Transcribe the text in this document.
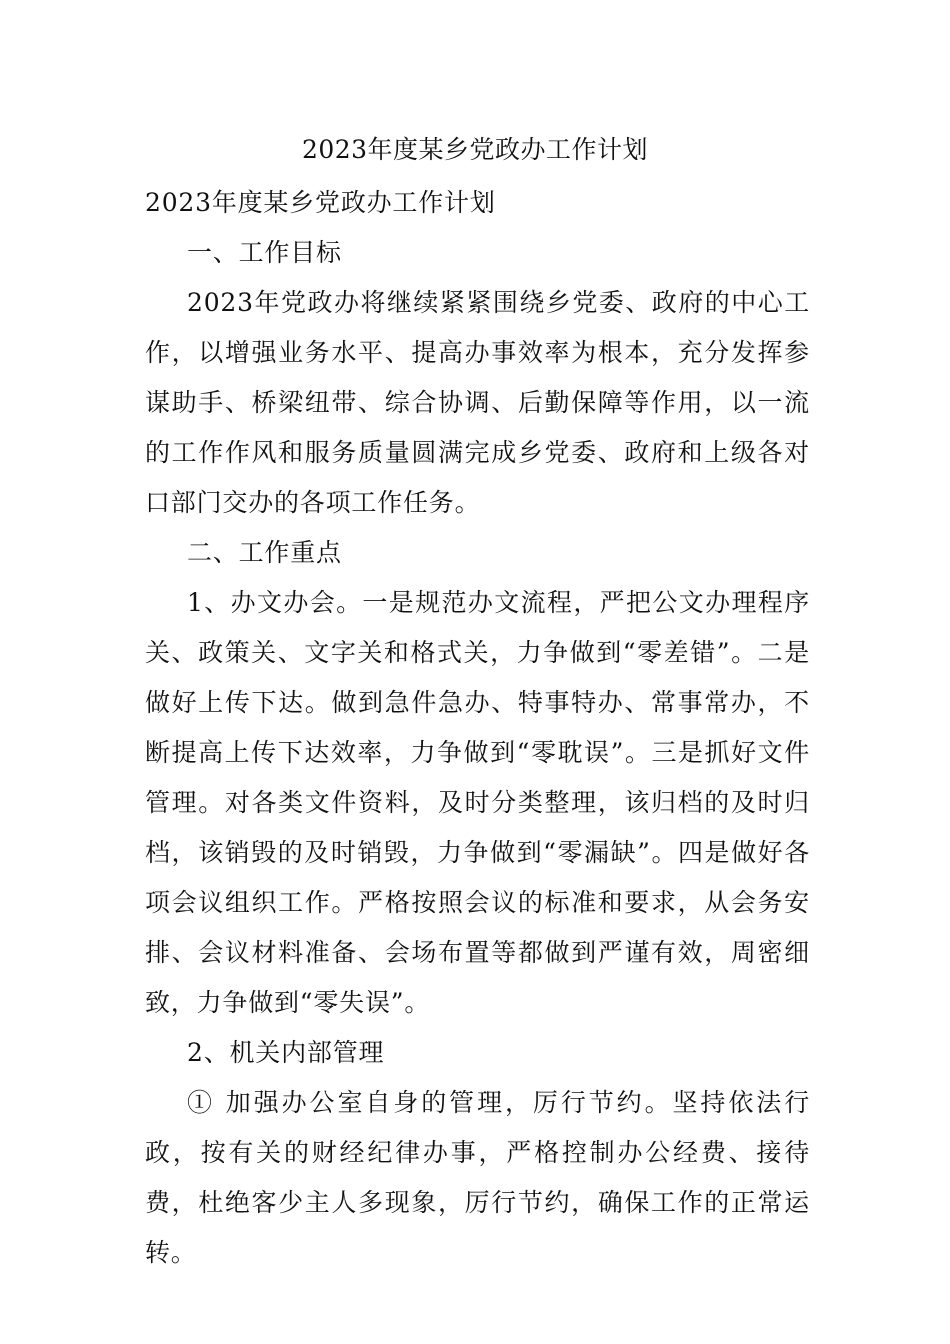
2023年度某乡党政办工作计划

2023年度某乡党政办工作计划

一、工作目标

2023年党政办将继续紧紧围绕乡党委、政府的中心工作，以增强业务水平、提高办事效率为根本，充分发挥参谋助手、桥梁纽带、综合协调、后勤保障等作用，以一流的工作作风和服务质量圆满完成乡党委、政府和上级各对口部门交办的各项工作任务。

二、工作重点

1、办文办会。一是规范办文流程，严把公文办理程序关、政策关、文字关和格式关，力争做到“零差错”。二是做好上传下达。做到急件急办、特事特办、常事常办，不断提高上传下达效率，力争做到“零耽误”。三是抓好文件管理。对各类文件资料，及时分类整理，该归档的及时归档，该销毁的及时销毁，力争做到“零漏缺”。四是做好各项会议组织工作。严格按照会议的标准和要求，从会务安排、会议材料准备、会场布置等都做到严谨有效，周密细致，力争做到“零失误”。

2、机关内部管理

① 加强办公室自身的管理，厉行节约。坚持依法行政，按有关的财经纪律办事，严格控制办公经费、接待费，杜绝客少主人多现象，厉行节约，确保工作的正常运转。
